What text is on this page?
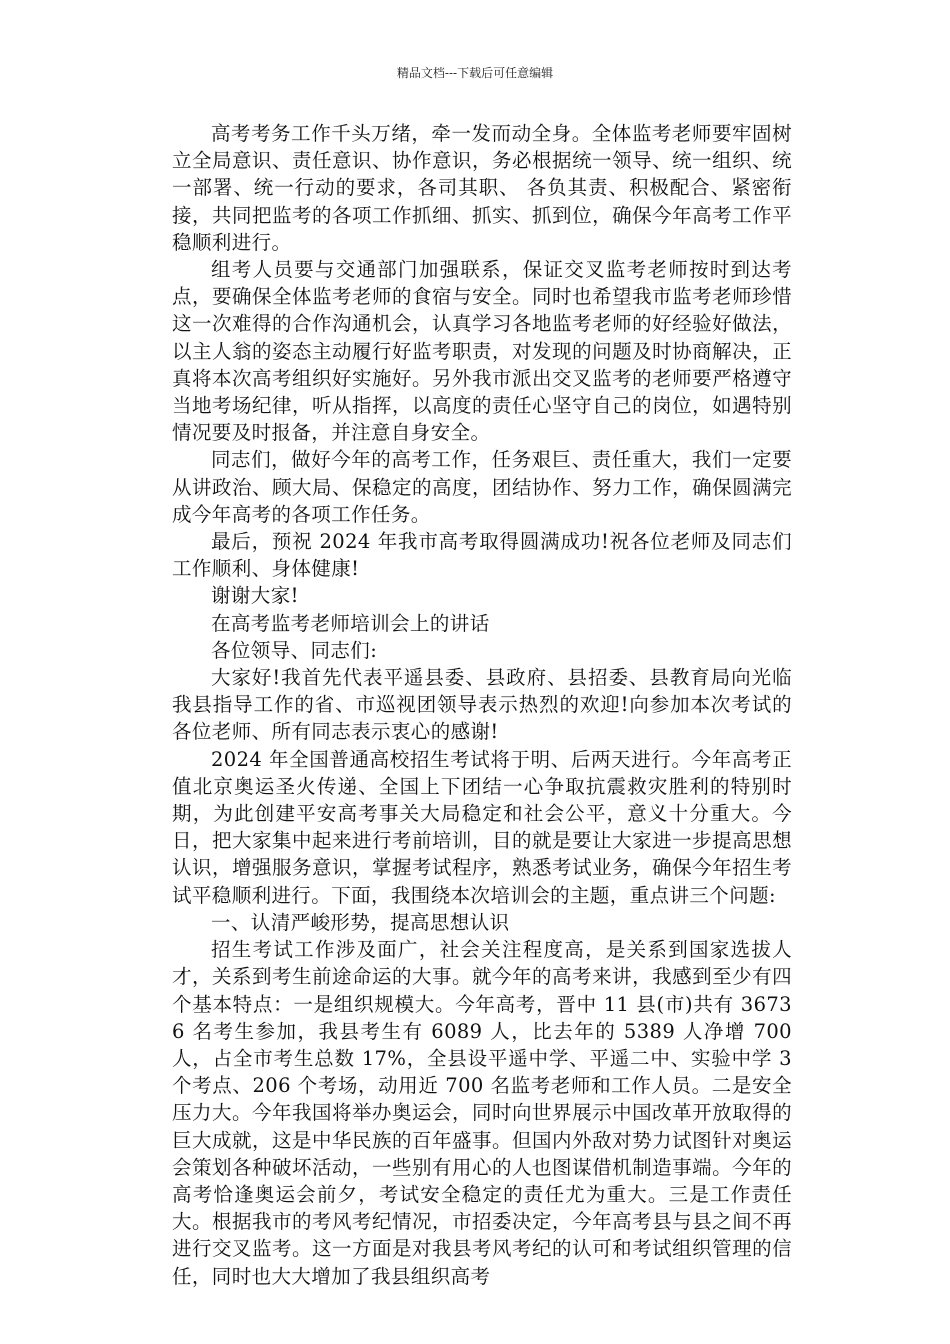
精品文档---下载后可任意编辑

高考考务工作千头万绪，牵一发而动全身。全体监考老师要牢固树立全局意识、责任意识、协作意识，务必根据统一领导、统一组织、统一部署、统一行动的要求，各司其职、 各负其责、积极配合、紧密衔接，共同把监考的各项工作抓细、抓实、抓到位，确保今年高考工作平稳顺利进行。

组考人员要与交通部门加强联系，保证交叉监考老师按时到达考点，要确保全体监考老师的食宿与安全。同时也希望我市监考老师珍惜这一次难得的合作沟通机会，认真学习各地监考老师的好经验好做法，以主人翁的姿态主动履行好监考职责，对发现的问题及时协商解决，正真将本次高考组织好实施好。另外我市派出交叉监考的老师要严格遵守当地考场纪律，听从指挥，以高度的责任心坚守自己的岗位，如遇特别情况要及时报备，并注意自身安全。

同志们，做好今年的高考工作，任务艰巨、责任重大，我们一定要从讲政治、顾大局、保稳定的高度，团结协作、努力工作，确保圆满完成今年高考的各项工作任务。

最后，预祝 2024 年我市高考取得圆满成功!祝各位老师及同志们工作顺利、身体健康!

谢谢大家!

在高考监考老师培训会上的讲话

各位领导、同志们:

大家好!我首先代表平遥县委、县政府、县招委、县教育局向光临我县指导工作的省、市巡视团领导表示热烈的欢迎!向参加本次考试的各位老师、所有同志表示衷心的感谢!

2024 年全国普通高校招生考试将于明、后两天进行。今年高考正值北京奥运圣火传递、全国上下团结一心争取抗震救灾胜利的特别时期，为此创建平安高考事关大局稳定和社会公平，意义十分重大。今日，把大家集中起来进行考前培训，目的就是要让大家进一步提高思想认识，增强服务意识，掌握考试程序，熟悉考试业务，确保今年招生考试平稳顺利进行。下面，我围绕本次培训会的主题，重点讲三个问题:

一、认清严峻形势，提高思想认识

招生考试工作涉及面广，社会关注程度高，是关系到国家选拔人才，关系到考生前途命运的大事。就今年的高考来讲，我感到至少有四个基本特点：一是组织规模大。今年高考，晋中 11 县(市)共有 36736 名考生参加，我县考生有 6089 人，比去年的 5389 人净增 700 人，占全市考生总数 17%，全县设平遥中学、平遥二中、实验中学 3 个考点、206 个考场，动用近 700 名监考老师和工作人员。二是安全压力大。今年我国将举办奥运会，同时向世界展示中国改革开放取得的巨大成就，这是中华民族的百年盛事。但国内外敌对势力试图针对奥运会策划各种破坏活动，一些别有用心的人也图谋借机制造事端。今年的高考恰逢奥运会前夕，考试安全稳定的责任尤为重大。三是工作责任大。根据我市的考风考纪情况，市招委决定，今年高考县与县之间不再进行交叉监考。这一方面是对我县考风考纪的认可和考试组织管理的信任，同时也大大增加了我县组织高考
